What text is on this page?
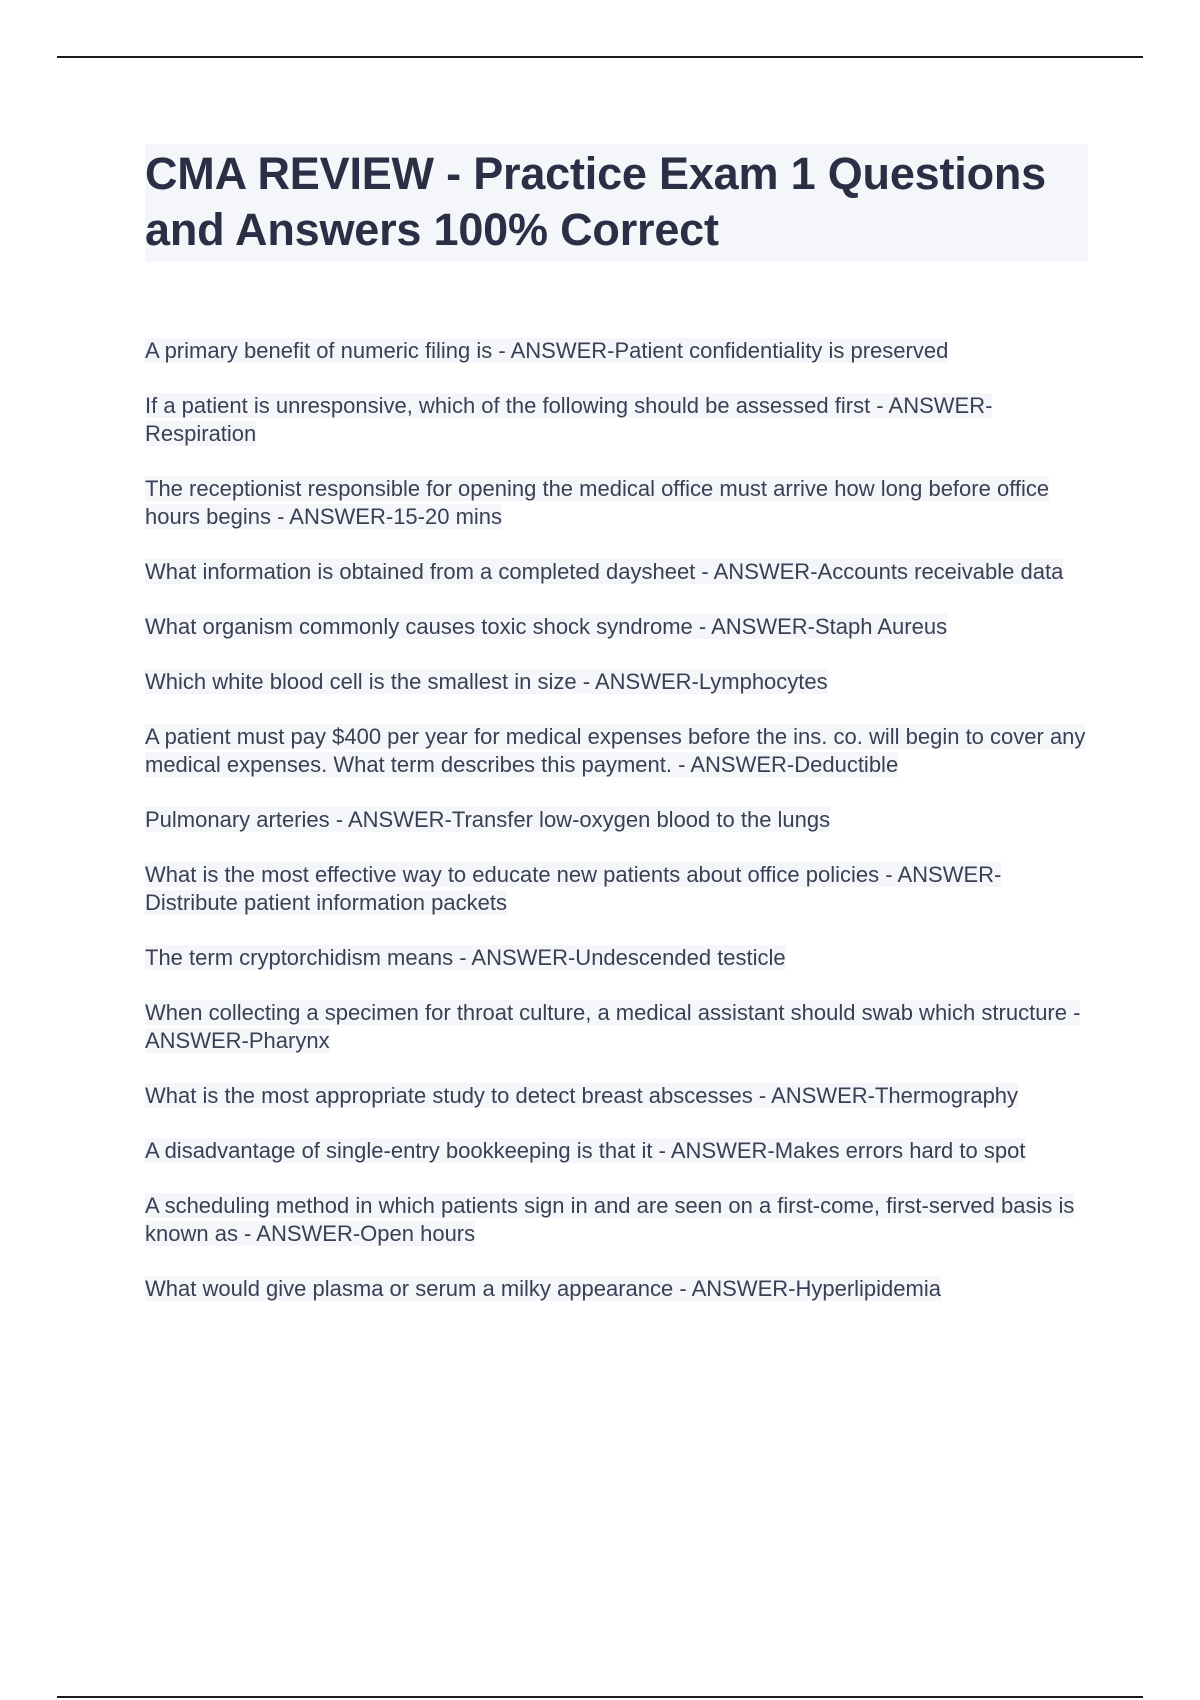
CMA REVIEW - Practice Exam 1 Questions and Answers 100% Correct
A primary benefit of numeric filing is - ANSWER-Patient confidentiality is preserved
If a patient is unresponsive, which of the following should be assessed first - ANSWER-Respiration
The receptionist responsible for opening the medical office must arrive how long before office hours begins - ANSWER-15-20 mins
What information is obtained from a completed daysheet - ANSWER-Accounts receivable data
What organism commonly causes toxic shock syndrome - ANSWER-Staph Aureus
Which white blood cell is the smallest in size - ANSWER-Lymphocytes
A patient must pay $400 per year for medical expenses before the ins. co. will begin to cover any medical expenses. What term describes this payment. - ANSWER-Deductible
Pulmonary arteries - ANSWER-Transfer low-oxygen blood to the lungs
What is the most effective way to educate new patients about office policies - ANSWER-Distribute patient information packets
The term cryptorchidism means - ANSWER-Undescended testicle
When collecting a specimen for throat culture, a medical assistant should swab which structure - ANSWER-Pharynx
What is the most appropriate study to detect breast abscesses - ANSWER-Thermography
A disadvantage of single-entry bookkeeping is that it - ANSWER-Makes errors hard to spot
A scheduling method in which patients sign in and are seen on a first-come, first-served basis is known as - ANSWER-Open hours
What would give plasma or serum a milky appearance - ANSWER-Hyperlipidemia
